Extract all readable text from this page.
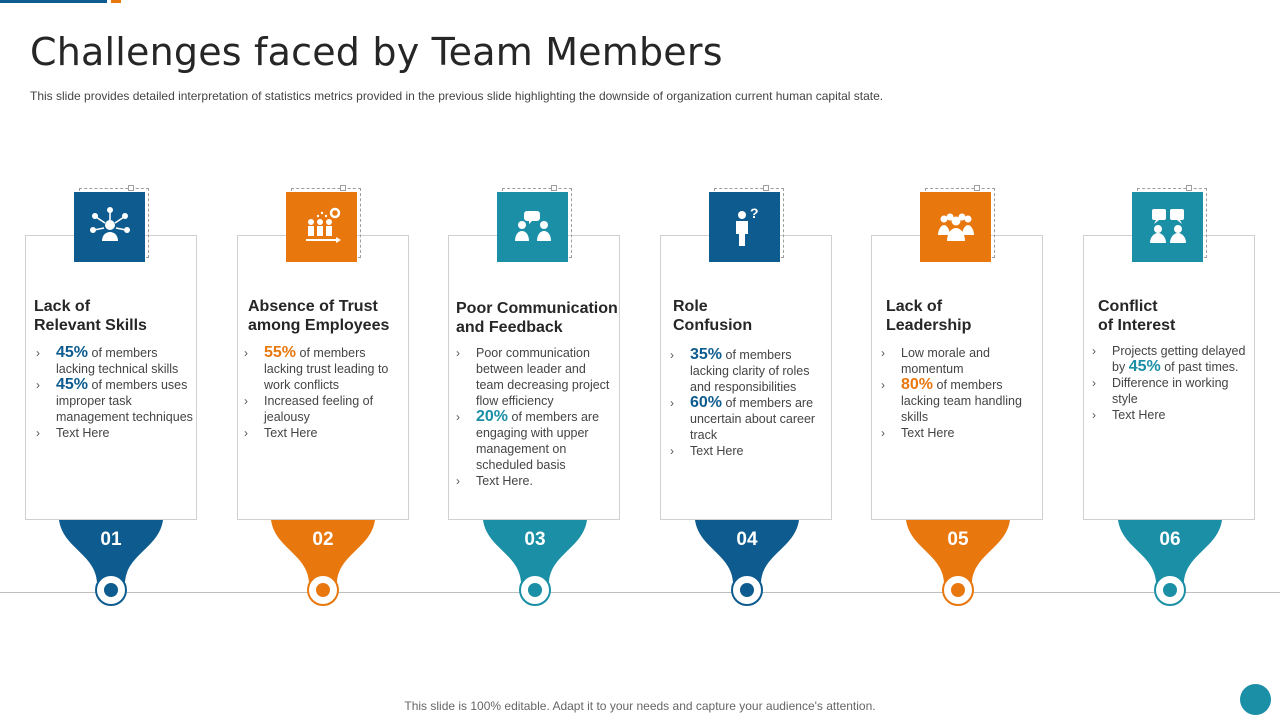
Challenges faced by Team Members

This slide provides detailed interpretation of statistics metrics provided in the previous slide highlighting the downside of organization current human capital state.

Lack of
Relevant Skills
› 45% of members lacking technical skills
› 45% of members uses improper task management techniques
› Text Here
01
Absence of Trust
among Employees
› 55% of members lacking trust leading to work conflicts
› Increased feeling of jealousy
› Text Here
02
Poor Communication
and Feedback
› Poor communication between leader and team decreasing project flow efficiency
› 20% of members are engaging with upper management on scheduled basis
› Text Here.
03
?
Role
Confusion
› 35% of members lacking clarity of roles and responsibilities
› 60% of members are uncertain about career track
› Text Here
04
Lack of
Leadership
› Low morale and momentum
› 80% of members lacking team handling skills
› Text Here
05
Conflict
of Interest
› Projects getting delayed by 45% of past times.
› Difference in working style
› Text Here
06

This slide is 100% editable. Adapt it to your needs and capture your audience's attention.
